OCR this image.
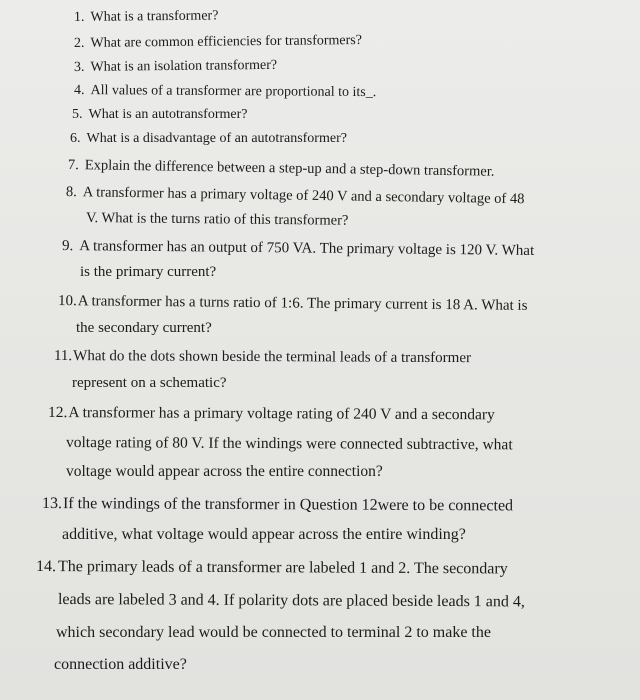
1. What is a transformer?
2. What are common efficiencies for transformers?
3. What is an isolation transformer?
4. All values of a transformer are proportional to its_.
5. What is an autotransformer?
6. What is a disadvantage of an autotransformer?
7. Explain the difference between a step-up and a step-down transformer.
8. A transformer has a primary voltage of 240 V and a secondary voltage of 48
V. What is the turns ratio of this transformer?
9. A transformer has an output of 750 VA. The primary voltage is 120 V. What
is the primary current?
10.A transformer has a turns ratio of 1:6. The primary current is 18 A. What is
the secondary current?
11.What do the dots shown beside the terminal leads of a transformer
represent on a schematic?
12.A transformer has a primary voltage rating of 240 V and a secondary
voltage rating of 80 V. If the windings were connected subtractive, what
voltage would appear across the entire connection?
13.If the windings of the transformer in Question 12were to be connected
additive, what voltage would appear across the entire winding?
14. The primary leads of a transformer are labeled 1 and 2. The secondary
leads are labeled 3 and 4. If polarity dots are placed beside leads 1 and 4,
which secondary lead would be connected to terminal 2 to make the
connection additive?
